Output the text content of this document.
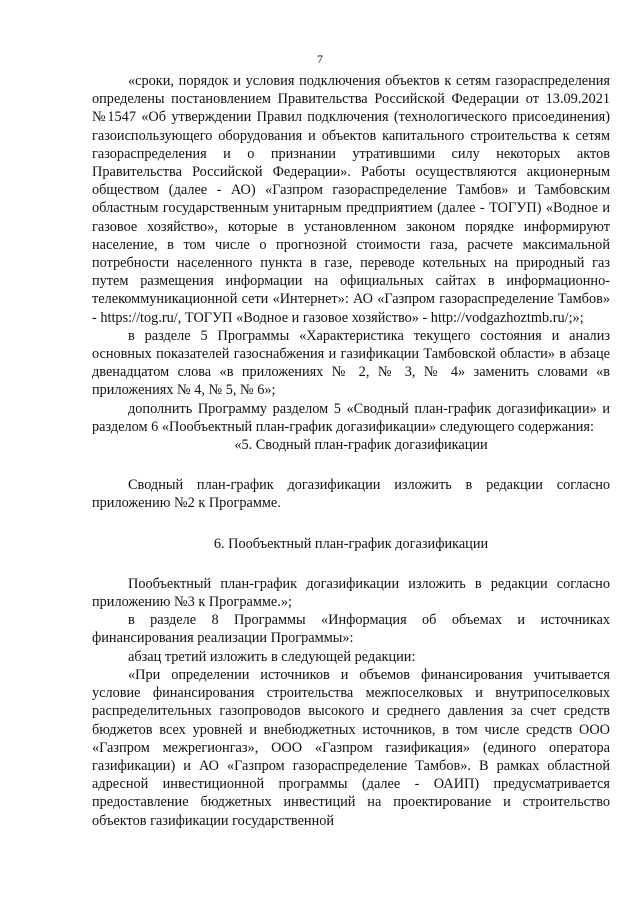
7

«сроки, порядок и условия подключения объектов к сетям газораспределения определены постановлением Правительства Российской Федерации от 13.09.2021 №1547 «Об утверждении Правил подключения (технологического присоединения) газоиспользующего оборудования и объектов капитального строительства к сетям газораспределения и о признании утратившими силу некоторых актов Правительства Российской Федерации». Работы осуществляются акционерным обществом (далее - АО) «Газпром газораспределение Тамбов» и Тамбовским областным государственным унитарным предприятием (далее - ТОГУП) «Водное и газовое хозяйство», которые в установленном законом порядке информируют население, в том числе о прогнозной стоимости газа, расчете максимальной потребности населенного пункта в газе, переводе котельных на природный газ путем размещения информации на официальных сайтах в информационно-телекоммуникационной сети «Интернет»: АО «Газпром газораспределение Тамбов» - https://tog.ru/, ТОГУП «Водное и газовое хозяйство» - http://vodgazhoztmb.ru/;»;

в разделе 5 Программы «Характеристика текущего состояния и анализ основных показателей газоснабжения и газификации Тамбовской области» в абзаце двенадцатом слова «в приложениях № 2, № 3, № 4» заменить словами «в приложениях № 4, № 5, № 6»;

дополнить Программу разделом 5 «Сводный план-график догазификации» и разделом 6 «Пообъектный план-график догазификации» следующего содержания:

«5. Сводный план-график догазификации

Сводный план-график догазификации изложить в редакции согласно приложению №2 к Программе.

6. Пообъектный план-график догазификации

Пообъектный план-график догазификации изложить в редакции согласно приложению №3 к Программе.»;

в разделе 8 Программы «Информация об объемах и источниках финансирования реализации Программы»:

абзац третий изложить в следующей редакции:

«При определении источников и объемов финансирования учитывается условие финансирования строительства межпоселковых и внутрипоселковых распределительных газопроводов высокого и среднего давления за счет средств бюджетов всех уровней и внебюджетных источников, в том числе средств ООО «Газпром межрегионгаз», ООО «Газпром газификация» (единого оператора газификации) и АО «Газпром газораспределение Тамбов». В рамках областной адресной инвестиционной программы (далее - ОАИП) предусматривается предоставление бюджетных инвестиций на проектирование и строительство объектов газификации государственной
